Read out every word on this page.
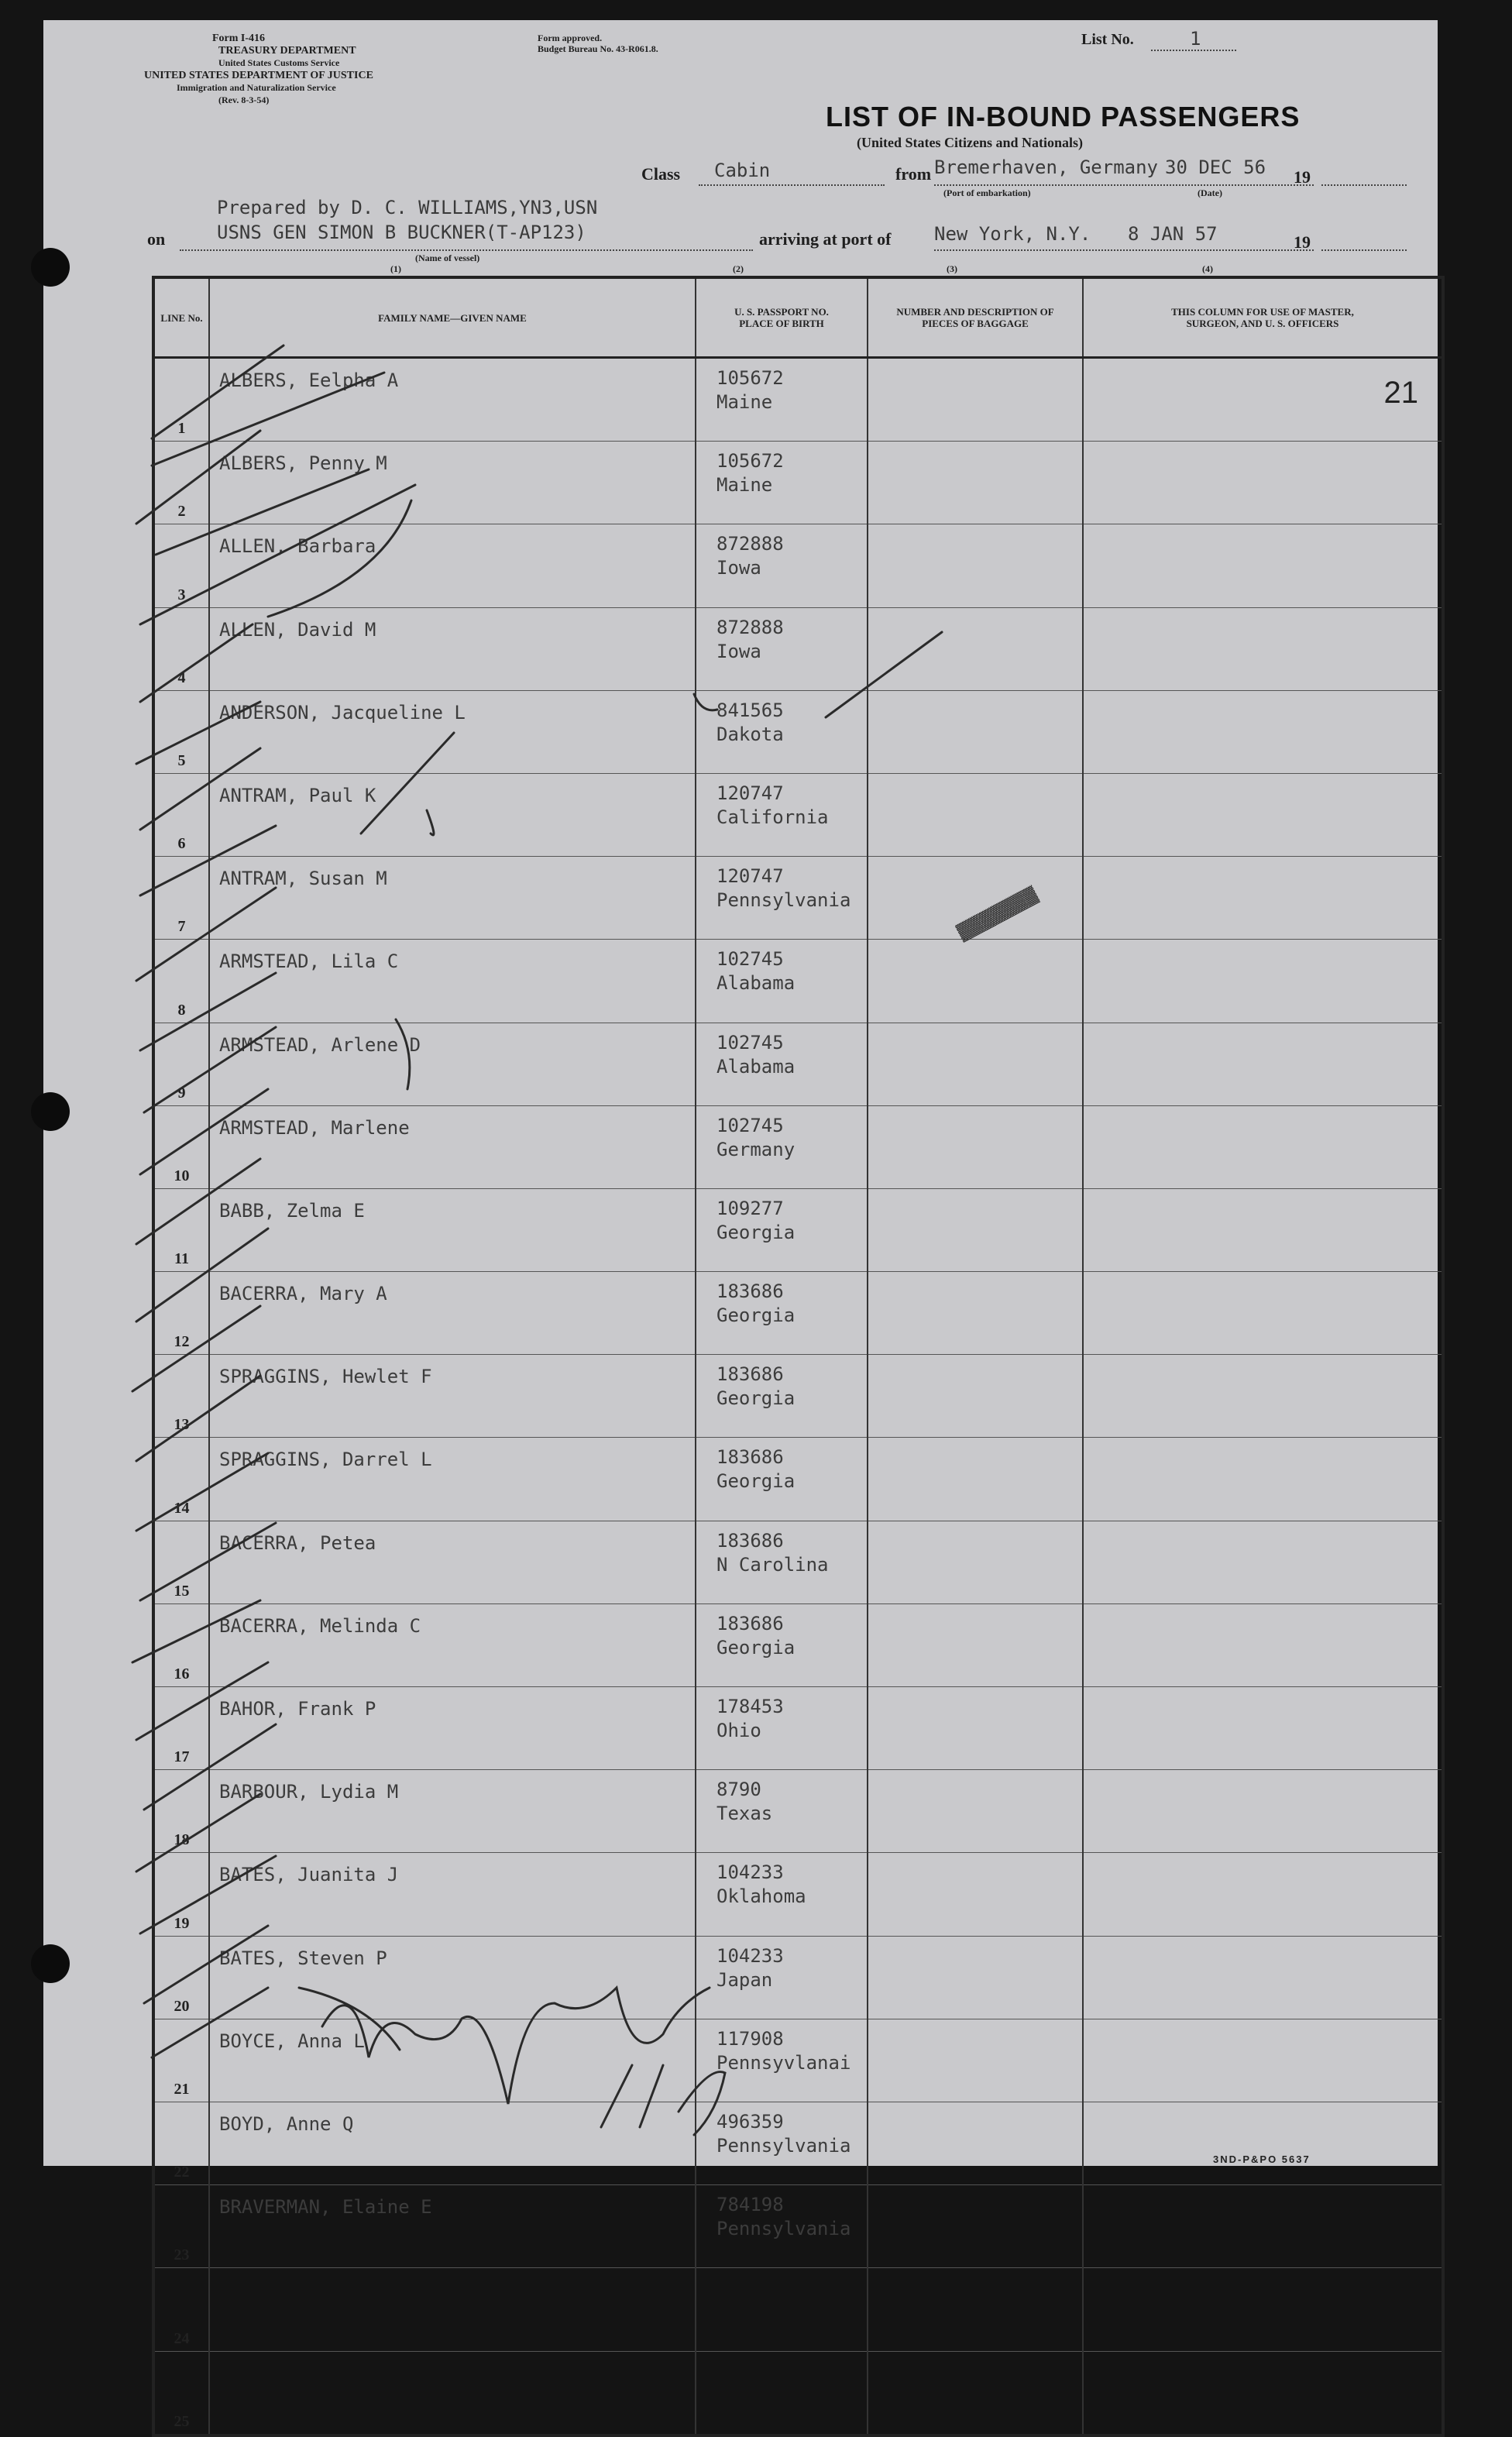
Form I-416
TREASURY DEPARTMENT
United States Customs Service
UNITED STATES DEPARTMENT OF JUSTICE
Immigration and Naturalization Service
(Rev. 8-3-54)
Form approved.
Budget Bureau No. 43-R061.8.
List No.	1
LIST OF IN-BOUND PASSENGERS
(United States Citizens and Nationals)
Class Cabin	from Bremerhaven, Germany 30 DEC 56 19
(Port of embarkation)	(Date)
Prepared by D. C. WILLIAMS,YN3,USN
on	USNS GEN SIMON B BUCKNER(T-AP123)
(Name of vessel)
arriving at port of New York, N.Y. 8 JAN 57	19
(1)	(2)	(3)	(4)
LINE No.	FAMILY NAME—GIVEN NAME	U. S. PASSPORT NO. PLACE OF BIRTH	NUMBER AND DESCRIPTION OF PIECES OF BAGGAGE	THIS COLUMN FOR USE OF MASTER, SURGEON, AND U. S. OFFICERS

1	ALBERS, Eelpha A	105672
Maine		21

2	ALBERS, Penny M	105672
Maine		

3	ALLEN, Barbara	872888
Iowa		

4	ALLEN, David M	872888
Iowa		

5	ANDERSON, Jacqueline L	841565
Dakota		

6	ANTRAM, Paul K	120747
California		

7	ANTRAM, Susan M	120747
Pennsylvania		

8	ARMSTEAD, Lila C	102745
Alabama		

9	ARMSTEAD, Arlene D	102745
Alabama		

10	ARMSTEAD, Marlene	102745
Germany		

11	BABB, Zelma E	109277
Georgia		

12	BACERRA, Mary A	183686
Georgia		

13	SPRAGGINS, Hewlet F	183686
Georgia		

14	SPRAGGINS, Darrel L	183686
Georgia		

15	BACERRA, Petea	183686
N Carolina		

16	BACERRA, Melinda C	183686
Georgia		

17	BAHOR, Frank P	178453
Ohio		

18	BARBOUR, Lydia M	8790
Texas		

19	BATES, Juanita J	104233
Oklahoma		

20	BATES, Steven P	104233
Japan		

21	BOYCE, Anna L	117908
Pennsyvlanai		

22	BOYD, Anne Q	496359
Pennsylvania		

23	BRAVERMAN, Elaine E	784198
Pennsylvania		

24				

25				

3ND-P&PO 5637
▓▓▓▓▓▓▓
